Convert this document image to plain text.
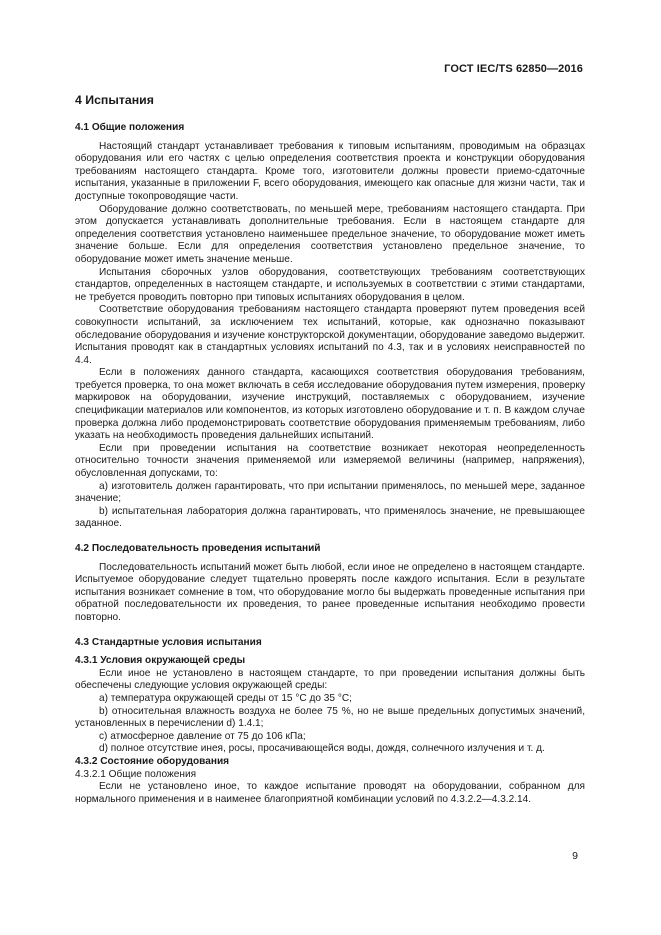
ГОСТ IEC/TS 62850—2016
4 Испытания
4.1 Общие положения

Настоящий стандарт устанавливает требования к типовым испытаниям, проводимым на образцах оборудования или его частях с целью определения соответствия проекта и конструкции оборудования требованиям настоящего стандарта. Кроме того, изготовители должны провести приемо-сдаточные испытания, указанные в приложении F, всего оборудования, имеющего как опасные для жизни части, так и доступные токопроводящие части.

Оборудование должно соответствовать, по меньшей мере, требованиям настоящего стандарта. При этом допускается устанавливать дополнительные требования. Если в настоящем стандарте для определения соответствия установлено наименьшее предельное значение, то оборудование может иметь значение больше. Если для определения соответствия установлено предельное значение, то оборудование может иметь значение меньше.

Испытания сборочных узлов оборудования, соответствующих требованиям соответствующих стандартов, определенных в настоящем стандарте, и используемых в соответствии с этими стандартами, не требуется проводить повторно при типовых испытаниях оборудования в целом.

Соответствие оборудования требованиям настоящего стандарта проверяют путем проведения всей совокупности испытаний, за исключением тех испытаний, которые, как однозначно показывают обследование оборудования и изучение конструкторской документации, оборудование заведомо выдержит. Испытания проводят как в стандартных условиях испытаний по 4.3, так и в условиях неисправностей по 4.4.

Если в положениях данного стандарта, касающихся соответствия оборудования требованиям, требуется проверка, то она может включать в себя исследование оборудования путем измерения, проверку маркировок на оборудовании, изучение инструкций, поставляемых с оборудованием, изучение спецификации материалов или компонентов, из которых изготовлено оборудование и т. п. В каждом случае проверка должна либо продемонстрировать соответствие оборудования применяемым требованиям, либо указать на необходимость проведения дальнейших испытаний.

Если при проведении испытания на соответствие возникает некоторая неопределенность относительно точности значения применяемой или измеряемой величины (например, напряжения), обусловленная допусками, то:

a) изготовитель должен гарантировать, что при испытании применялось, по меньшей мере, заданное значение;

b) испытательная лаборатория должна гарантировать, что применялось значение, не превышающее заданное.

4.2 Последовательность проведения испытаний

Последовательность испытаний может быть любой, если иное не определено в настоящем стандарте. Испытуемое оборудование следует тщательно проверять после каждого испытания. Если в результате испытания возникает сомнение в том, что оборудование могло бы выдержать проведенные испытания при обратной последовательности их проведения, то ранее проведенные испытания необходимо провести повторно.

4.3 Стандартные условия испытания
4.3.1 Условия окружающей среды

Если иное не установлено в настоящем стандарте, то при проведении испытания должны быть обеспечены следующие условия окружающей среды:

a) температура окружающей среды от 15 °С до 35 °С;

b) относительная влажность воздуха не более 75 %, но не выше предельных допустимых значений, установленных в перечислении d) 1.4.1;

c) атмосферное давление от 75 до 106 кПа;

d) полное отсутствие инея, росы, просачивающейся воды, дождя, солнечного излучения и т. д.

4.3.2 Состояние оборудования
4.3.2.1 Общие положения

Если не установлено иное, то каждое испытание проводят на оборудовании, собранном для нормального применения и в наименее благоприятной комбинации условий по 4.3.2.2—4.3.2.14.

9
